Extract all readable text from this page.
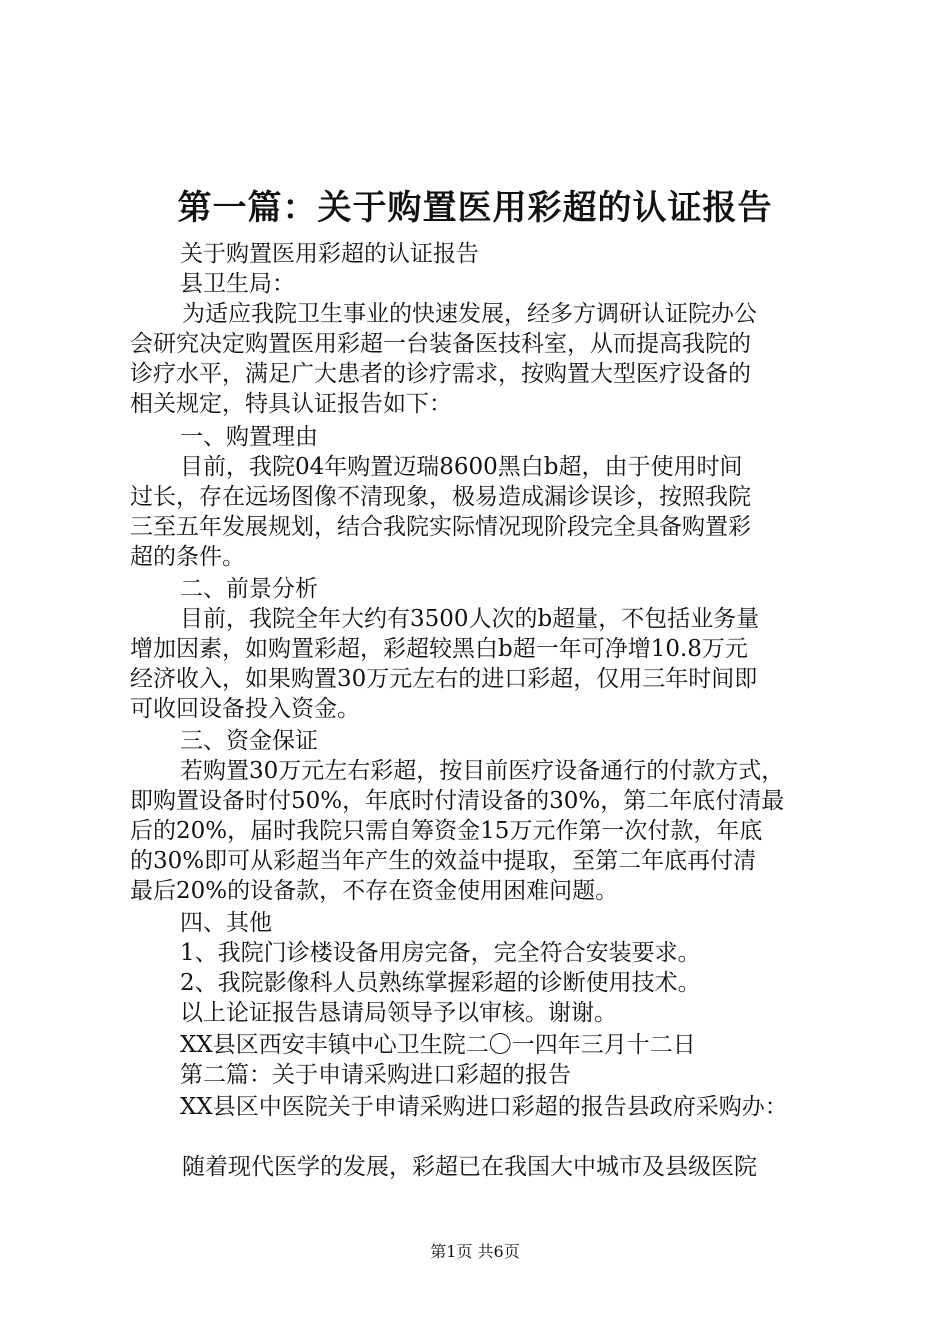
第一篇：关于购置医用彩超的认证报告
关于购置医用彩超的认证报告
县卫生局：
为适应我院卫生事业的快速发展，经多方调研认证院办公
会研究决定购置医用彩超一台装备医技科室，从而提高我院的
诊疗水平，满足广大患者的诊疗需求，按购置大型医疗设备的
相关规定，特具认证报告如下：
一、购置理由
目前，我院04年购置迈瑞8600黑白b超，由于使用时间
过长，存在远场图像不清现象，极易造成漏诊误诊，按照我院
三至五年发展规划，结合我院实际情况现阶段完全具备购置彩
超的条件。
二、前景分析
目前，我院全年大约有3500人次的b超量，不包括业务量
增加因素，如购置彩超，彩超较黑白b超一年可净增10.8万元
经济收入，如果购置30万元左右的进口彩超，仅用三年时间即
可收回设备投入资金。
三、资金保证
若购置30万元左右彩超，按目前医疗设备通行的付款方式，
即购置设备时付50%，年底时付清设备的30%，第二年底付清最
后的20%，届时我院只需自筹资金15万元作第一次付款，年底
的30%即可从彩超当年产生的效益中提取，至第二年底再付清
最后20%的设备款，不存在资金使用困难问题。
四、其他
1、我院门诊楼设备用房完备，完全符合安装要求。
2、我院影像科人员熟练掌握彩超的诊断使用技术。
以上论证报告恳请局领导予以审核。谢谢。
XX县区西安丰镇中心卫生院二〇一四年三月十二日
第二篇：关于申请采购进口彩超的报告
XX县区中医院关于申请采购进口彩超的报告县政府采购办：
随着现代医学的发展，彩超已在我国大中城市及县级医院
第1页 共6页
